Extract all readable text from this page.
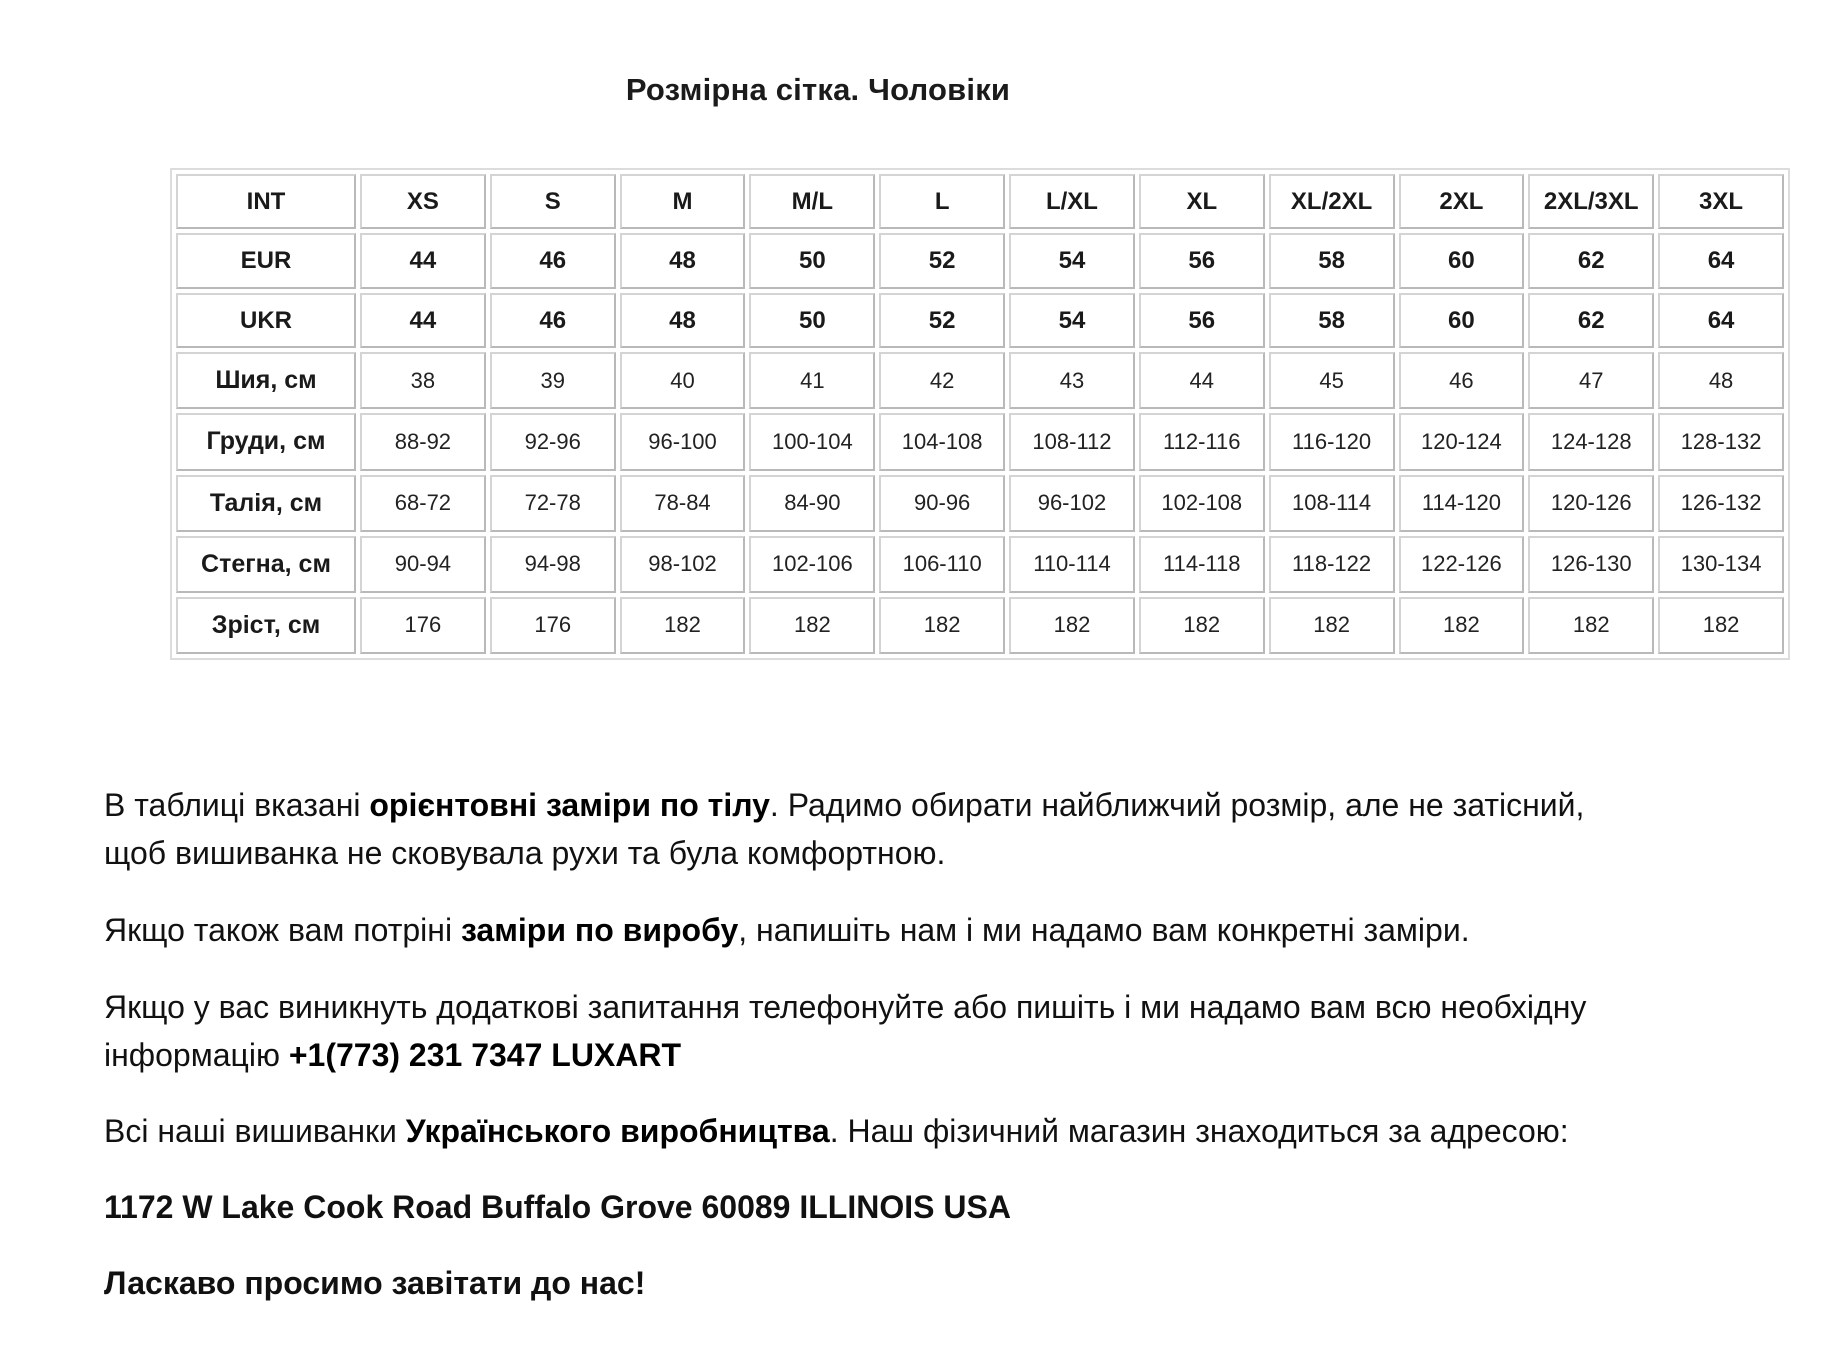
Розмірна сітка. Чоловіки
INT	XS	S	M	M/L	L	L/XL	XL	XL/2XL	2XL	2XL/3XL	3XL
EUR	44	46	48	50	52	54	56	58	60	62	64
UKR	44	46	48	50	52	54	56	58	60	62	64
Шия, см	38	39	40	41	42	43	44	45	46	47	48
Груди, см	88-92	92-96	96-100	100-104	104-108	108-112	112-116	116-120	120-124	124-128	128-132
Талія, см	68-72	72-78	78-84	84-90	90-96	96-102	102-108	108-114	114-120	120-126	126-132
Стегна, см	90-94	94-98	98-102	102-106	106-110	110-114	114-118	118-122	122-126	126-130	130-134
Зріст, см	176	176	182	182	182	182	182	182	182	182	182
В таблиці вказані орієнтовні заміри по тілу. Радимо обирати найближчий розмір, але не затісний,
щоб вишиванка не сковувала рухи та була комфортною.
Якщо також вам потріні заміри по виробу, напишіть нам і ми надамо вам конкретні заміри.
Якщо у вас виникнуть додаткові запитання телефонуйте або пишіть і ми надамо вам всю необхідну
інформацію +1(773) 231 7347 LUXART
Всі наші вишиванки Українського виробництва. Наш фізичний магазин знаходиться за адресою:
1172 W Lake Cook Road Buffalo Grove 60089 ILLINOIS USA
Ласкаво просимо завітати до нас!
